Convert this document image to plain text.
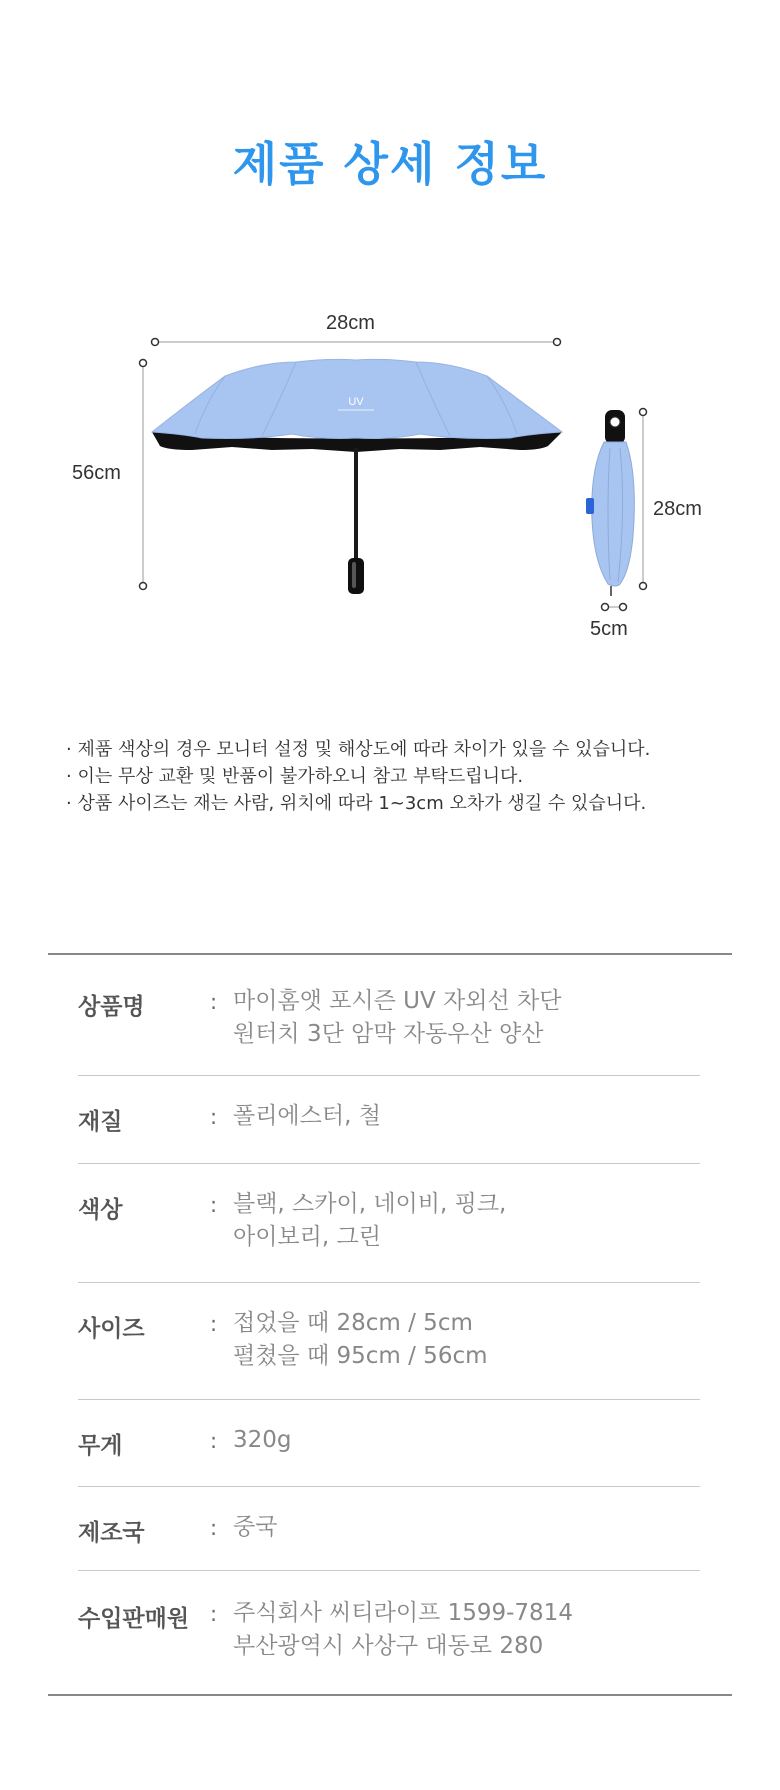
제품 상세 정보
UV
28cm
56cm
28cm
5cm
· 제품 색상의 경우 모니터 설정 및 해상도에 따라 차이가 있을 수 있습니다.
· 이는 무상 교환 및 반품이 불가하오니 참고 부탁드립니다.
· 상품 사이즈는 재는 사람, 위치에 따라 1~3cm 오차가 생길 수 있습니다.
상품명	: 마이홈앳 포시즌 UV 자외선 차단
원터치 3단 암막 자동우산 양산
재질	: 폴리에스터, 철
색상	: 블랙, 스카이, 네이비, 핑크,
아이보리, 그린
사이즈	: 접었을 때 28cm / 5cm
펼쳤을 때 95cm / 56cm
무게	: 320g
제조국	: 중국
수입판매원 : 주식회사 씨티라이프 1599-7814
부산광역시 사상구 대동로 280
